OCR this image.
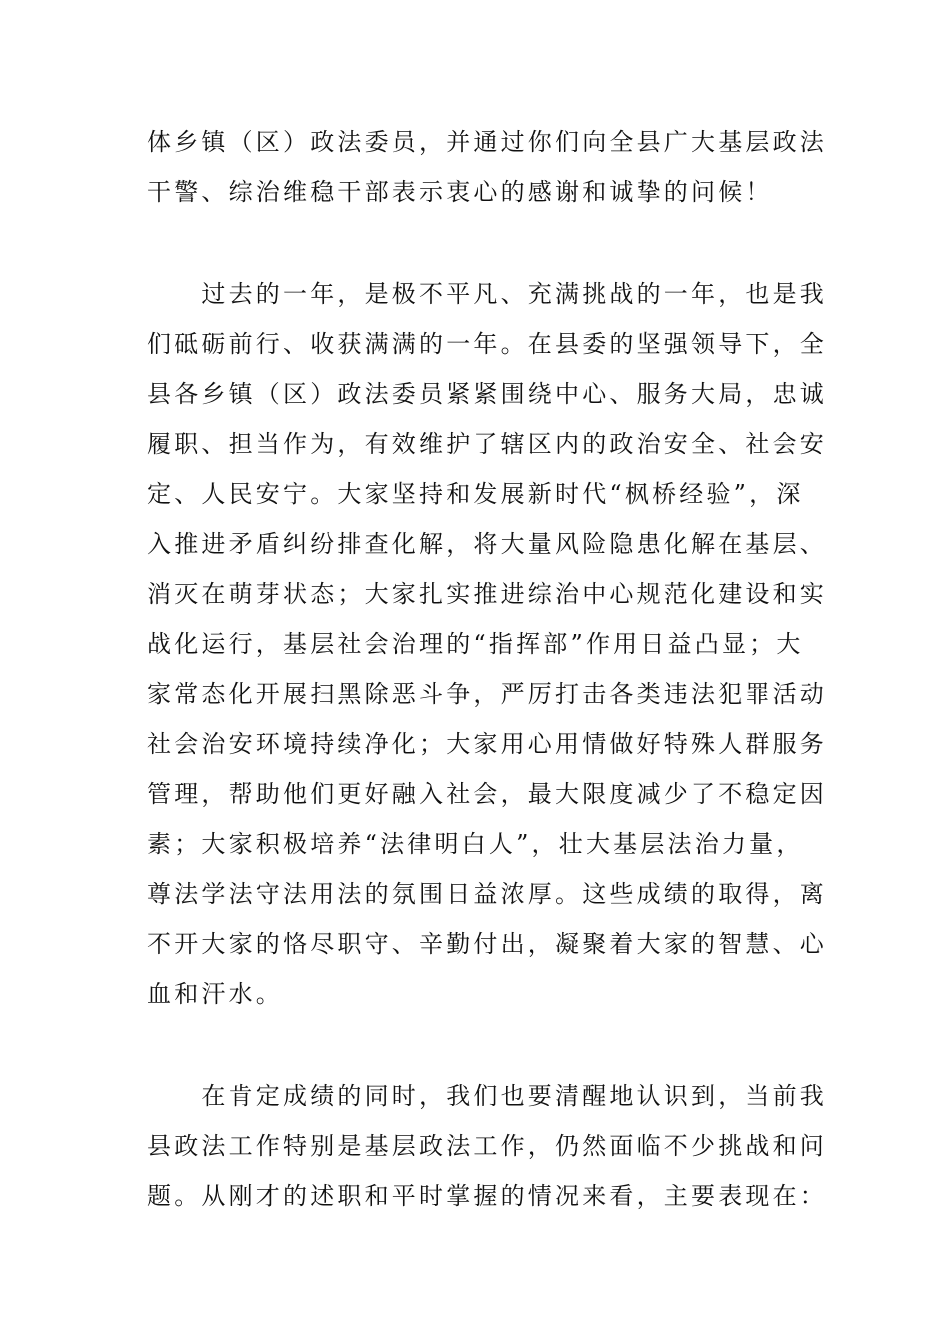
体乡镇（区）政法委员，并通过你们向全县广大基层政法
干警、综治维稳干部表示衷心的感谢和诚挚的问候！
　　过去的一年，是极不平凡、充满挑战的一年，也是我
们砥砺前行、收获满满的一年。在县委的坚强领导下，全
县各乡镇（区）政法委员紧紧围绕中心、服务大局，忠诚
履职、担当作为，有效维护了辖区内的政治安全、社会安
定、人民安宁。大家坚持和发展新时代“枫桥经验”，深
入推进矛盾纠纷排查化解，将大量风险隐患化解在基层、
消灭在萌芽状态；大家扎实推进综治中心规范化建设和实
战化运行，基层社会治理的“指挥部”作用日益凸显；大
家常态化开展扫黑除恶斗争，严厉打击各类违法犯罪活动
社会治安环境持续净化；大家用心用情做好特殊人群服务
管理，帮助他们更好融入社会，最大限度减少了不稳定因
素；大家积极培养“法律明白人”，壮大基层法治力量，
尊法学法守法用法的氛围日益浓厚。这些成绩的取得，离
不开大家的恪尽职守、辛勤付出，凝聚着大家的智慧、心
血和汗水。
　　在肯定成绩的同时，我们也要清醒地认识到，当前我
县政法工作特别是基层政法工作，仍然面临不少挑战和问
题。从刚才的述职和平时掌握的情况来看，主要表现在：
